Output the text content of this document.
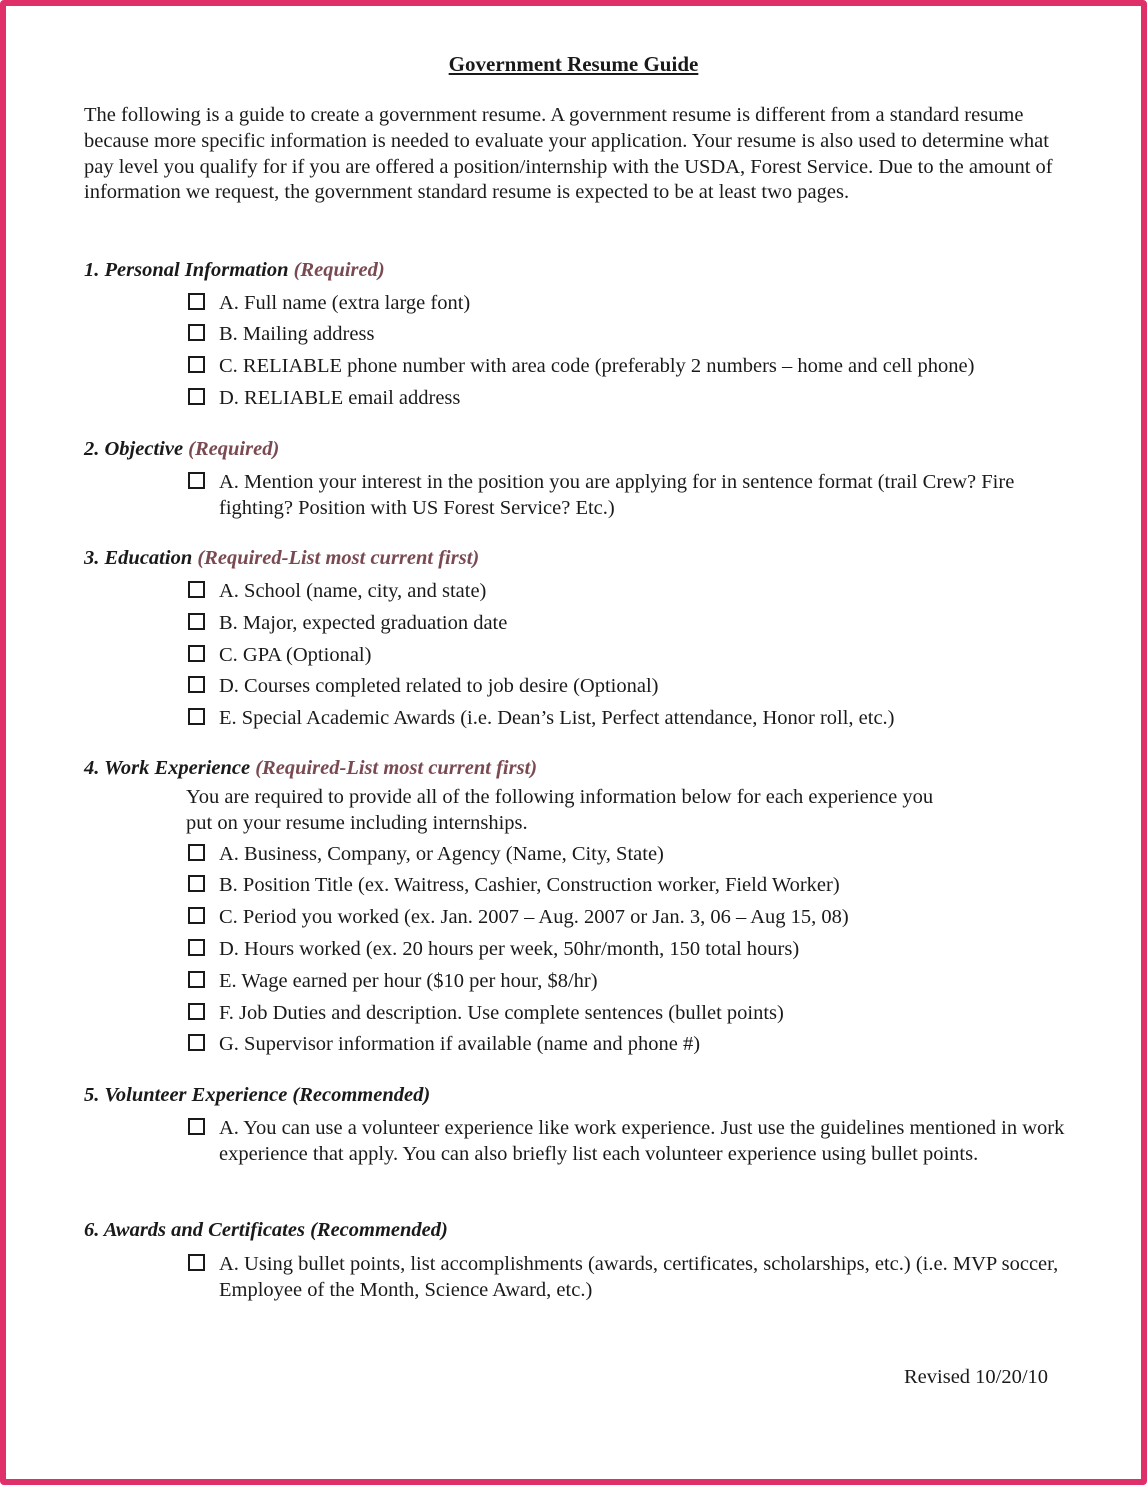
Government Resume Guide

The following is a guide to create a government resume. A government resume is different from a standard resume because more specific information is needed to evaluate your application. Your resume is also used to determine what pay level you qualify for if you are offered a position/internship with the USDA, Forest Service. Due to the amount of information we request, the government standard resume is expected to be at least two pages.

1. Personal Information (Required)

A. Full name (extra large font)
B. Mailing address
C. RELIABLE phone number with area code (preferably 2 numbers – home and cell phone)
D. RELIABLE email address

2. Objective (Required)

A. Mention your interest in the position you are applying for in sentence format (trail Crew? Fire fighting? Position with US Forest Service? Etc.)

3. Education (Required-List most current first)

A. School (name, city, and state)
B. Major, expected graduation date
C. GPA (Optional)
D. Courses completed related to job desire (Optional)
E. Special Academic Awards (i.e. Dean’s List, Perfect attendance, Honor roll, etc.)

4. Work Experience (Required-List most current first)

You are required to provide all of the following information below for each experience you put on your resume including internships.

A. Business, Company, or Agency (Name, City, State)
B. Position Title (ex. Waitress, Cashier, Construction worker, Field Worker)
C. Period you worked (ex. Jan. 2007 – Aug. 2007 or Jan. 3, 06 – Aug 15, 08)
D. Hours worked (ex. 20 hours per week, 50hr/month, 150 total hours)
E. Wage earned per hour ($10 per hour, $8/hr)
F. Job Duties and description. Use complete sentences (bullet points)
G. Supervisor information if available (name and phone #)

5. Volunteer Experience (Recommended)

A. You can use a volunteer experience like work experience. Just use the guidelines mentioned in work experience that apply. You can also briefly list each volunteer experience using bullet points.

6. Awards and Certificates (Recommended)

A. Using bullet points, list accomplishments (awards, certificates, scholarships, etc.) (i.e. MVP soccer, Employee of the Month, Science Award, etc.)
Revised 10/20/10
